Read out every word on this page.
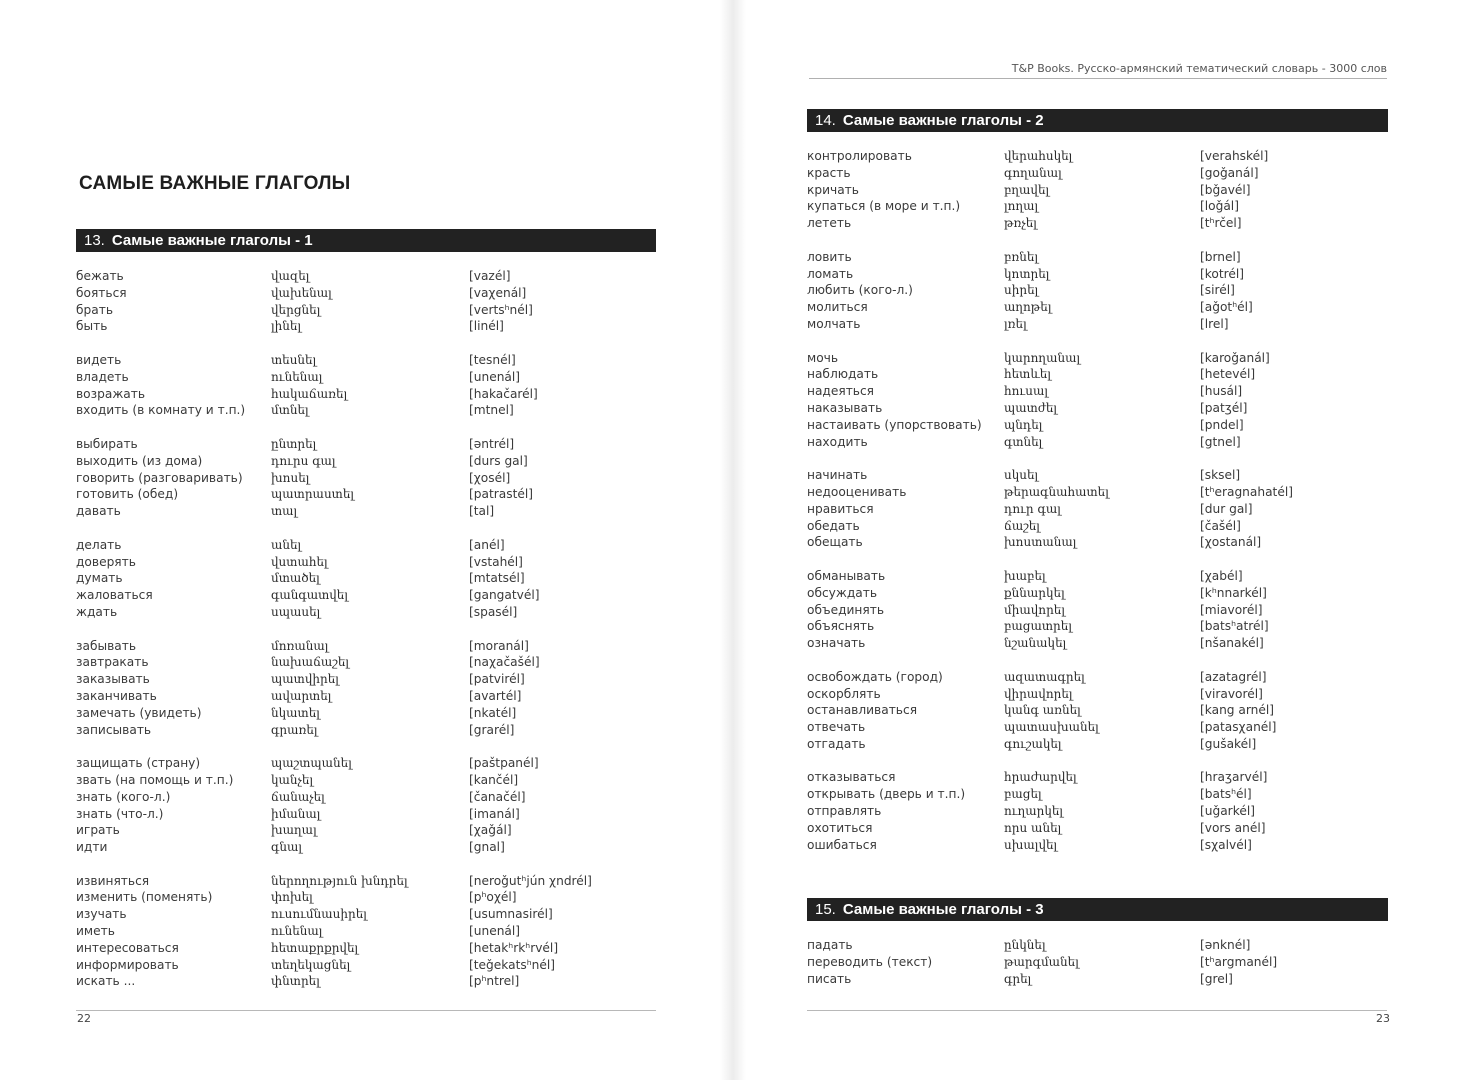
САМЫЕ ВАЖНЫЕ ГЛАГОЛЫ
13. Самые важные глаголы - 1
бежать	վազել	[vazél]
бояться	վախենալ	[vaχenál]
брать	վերցնել	[vertsʰnél]
быть	լինել	[linél]
видеть	տեսնել	[tesnél]
владеть	ունենալ	[unenál]
возражать	հակաճառել	[hakačarél]
входить (в комнату и т.п.) մտնել	[mtnel]
выбирать	ընտրել	[əntrél]
выходить (из дома)	դուրս գալ	[durs gal]
говорить (разговаривать) խոսել	[χosél]
готовить (обед)	պատրաստել	[patrastél]
давать	տալ	[tal]
делать	անել	[anél]
доверять	վստահել	[vstahél]
думать	մտածել	[mtatsél]
жаловаться	գանգատվել	[gangatvél]
ждать	սպասել	[spasél]
забывать	մոռանալ	[moranál]
завтракать	նախաճաշել	[naχačašél]
заказывать	պատվիրել	[patvirél]
заканчивать	ավարտել	[avartél]
замечать (увидеть)	նկատել	[nkatél]
записывать	գրառել	[grarél]
защищать (страну)	պաշտպանել	[paštpanél]
звать (на помощь и т.п.)	կանչել	[kančél]
знать (кого-л.)	ճանաչել	[čanačél]
знать (что-л.)	իմանալ	[imanál]
играть	խաղալ	[χaǧál]
идти	գնալ	[gnal]
извиняться	ներողություն խնդրել	[neroǧutʰjún χndrél]
изменить (поменять)	փոխել	[pʰoχél]
изучать	ուսումնասիրել	[usumnasirél]
иметь	ունենալ	[unenál]
интересоваться	հետաքրքրվել	[hetakʰrkʰrvél]
информировать	տեղեկացնել	[teǧekatsʰnél]
искать ...	փնտրել	[pʰntrel]
22
T&P Books. Русско-армянский тематический словарь - 3000 слов
14. Самые важные глаголы - 2
контролировать	վերահսկել	[verahskél]
красть	գողանալ	[goǧanál]
кричать	բղավել	[bǧavél]
купаться (в море и т.п.)	լողալ	[loǧál]
лететь	թռչել	[tʰrčel]
ловить	բռնել	[brnel]
ломать	կոտրել	[kotrél]
любить (кого-л.)	սիրել	[sirél]
молиться	աղոթել	[aǧotʰél]
молчать	լռել	[lrel]
мочь	կարողանալ	[karoǧanál]
наблюдать	հետևել	[hetevél]
надеяться	հուսալ	[husál]
наказывать	պատժել	[patʒél]
настаивать (упорствовать) պնդել	[pndel]
находить	գտնել	[gtnel]
начинать	սկսել	[sksel]
недооценивать	թերագնահատել	[tʰeragnahatél]
нравиться	դուր գալ	[dur gal]
обедать	ճաշել	[čašél]
обещать	խոստանալ	[χostanál]
обманывать	խաբել	[χabél]
обсуждать	քննարկել	[kʰnnarkél]
объединять	միավորել	[miavorél]
объяснять	բացատրել	[batsʰatrél]
означать	նշանակել	[nšanakél]
освобождать (город)	ազատագրել	[azatagrél]
оскорблять	վիրավորել	[viravorél]
останавливаться	կանգ առնել	[kang arnél]
отвечать	պատասխանել	[patasχanél]
отгадать	գուշակել	[gušakél]
отказываться	հրաժարվել	[hraʒarvél]
открывать (дверь и т.п.)	բացել	[batsʰél]
отправлять	ուղարկել	[uǧarkél]
охотиться	որս անել	[vors anél]
ошибаться	սխալվել	[sχalvél]
15. Самые важные глаголы - 3
падать	ընկնել	[ənknél]
переводить (текст)	թարգմանել	[tʰargmanél]
писать	գրել	[grel]
23
